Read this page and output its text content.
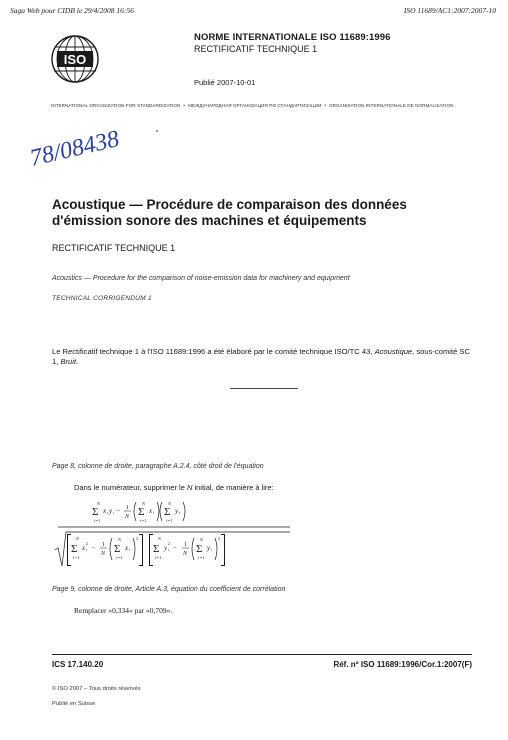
Saga Web pour CIDB le 29/4/2008 16:56	ISO 11689/AC1:2007:2007-10
ISO
NORME INTERNATIONALE ISO 11689:1996
RECTIFICATIF TECHNIQUE 1
Publié 2007-10-01
INTERNATIONAL ORGANIZATION FOR STANDARDIZATION • МЕЖДУНАРОДНАЯ ОРГАНИЗАЦИЯ ПО СТАНДАРТИЗАЦИИ • ORGANISATION INTERNATIONALE DE NORMALISATION
78/08438
Acoustique — Procédure de comparaison des données d'émission sonore des machines et équipements
RECTIFICATIF TECHNIQUE 1
Acoustics — Procedure for the comparison of noise-emission data for machinery and equipment
TECHNICAL CORRIGENDUM 1
Le Rectificatif technique 1 à l'ISO 11689:1996 a été élaboré par le comité technique ISO/TC 43, Acoustique, sous-comité SC 1, Bruit.
Page 8, colonne de droite, paragraphe A.2.4, côté droit de l'équation
Dans le numérateur, supprimer le N initial, de manière à lire:
N
Σ
i=1
x i y i − 1
N
N
Σ
i=1
x i
N
Σ
i=1
y i
N
Σ
i=1
x i
2
− 1
N
N
Σ
i=1
x i
2	N
Σ
i=1
y i
2
− 1
N
N
Σ
i=1
y i
2
Page 9, colonne de droite, Article A.3, équation du coefficient de corrélation
Remplacer «0,334» par «0,709».
ICS 17.140.20	Réf. nº ISO 11689:1996/Cor.1:2007(F)
© ISO 2007 – Tous droits réservés
Publié en Suisse
